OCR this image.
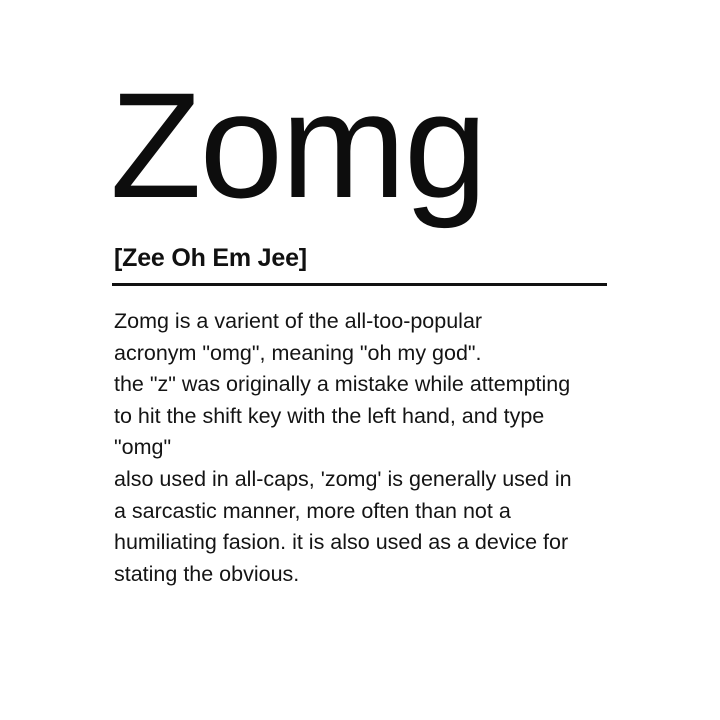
Zomg
[Zee Oh Em Jee]

Zomg is a varient of the all-too-popular

acronym "omg", meaning "oh my god".

the "z" was originally a mistake while attempting

to hit the shift key with the left hand, and type

"omg"

also used in all-caps, 'zomg' is generally used in

a sarcastic manner, more often than not a

humiliating fasion. it is also used as a device for

stating the obvious.
